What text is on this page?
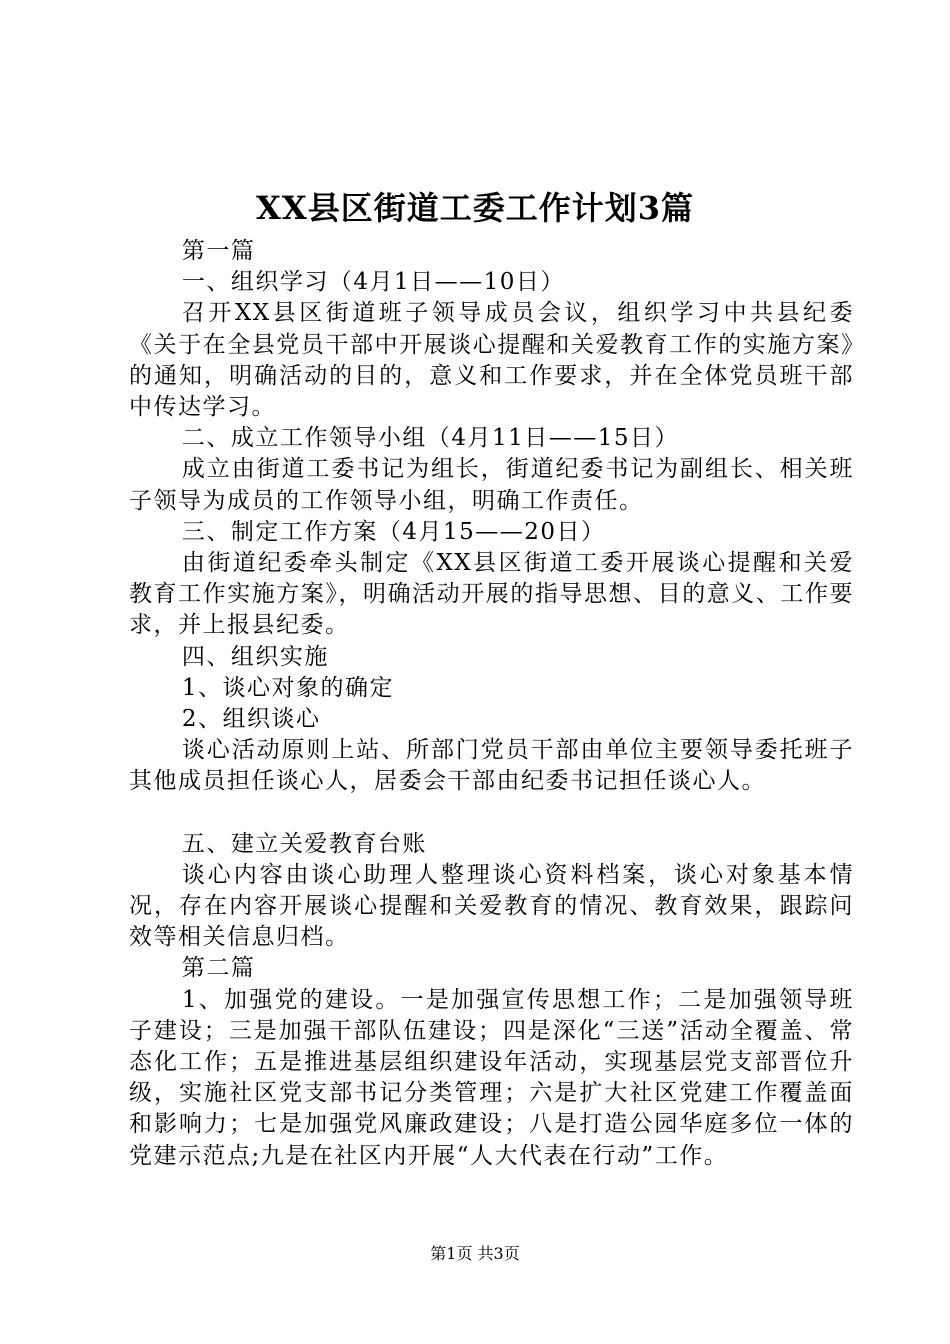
XX县区街道工委工作计划3篇

第一篇

一、组织学习（4月1日——10日）

召开XX县区街道班子领导成员会议，组织学习中共县纪委《关于在全县党员干部中开展谈心提醒和关爱教育工作的实施方案》的通知，明确活动的目的，意义和工作要求，并在全体党员班干部中传达学习。

二、成立工作领导小组（4月11日——15日）

成立由街道工委书记为组长，街道纪委书记为副组长、相关班子领导为成员的工作领导小组，明确工作责任。

三、制定工作方案（4月15——20日）

由街道纪委牵头制定《XX县区街道工委开展谈心提醒和关爱教育工作实施方案》，明确活动开展的指导思想、目的意义、工作要求，并上报县纪委。

四、组织实施

1、谈心对象的确定

2、组织谈心

谈心活动原则上站、所部门党员干部由单位主要领导委托班子其他成员担任谈心人，居委会干部由纪委书记担任谈心人。

五、建立关爱教育台账

谈心内容由谈心助理人整理谈心资料档案，谈心对象基本情况，存在内容开展谈心提醒和关爱教育的情况、教育效果，跟踪问效等相关信息归档。

第二篇

1、加强党的建设。一是加强宣传思想工作；二是加强领导班子建设；三是加强干部队伍建设；四是深化“三送”活动全覆盖、常态化工作；五是推进基层组织建设年活动，实现基层党支部晋位升级，实施社区党支部书记分类管理；六是扩大社区党建工作覆盖面和影响力；七是加强党风廉政建设；八是打造公园华庭多位一体的党建示范点;九是在社区内开展“人大代表在行动”工作。

第1页 共3页
